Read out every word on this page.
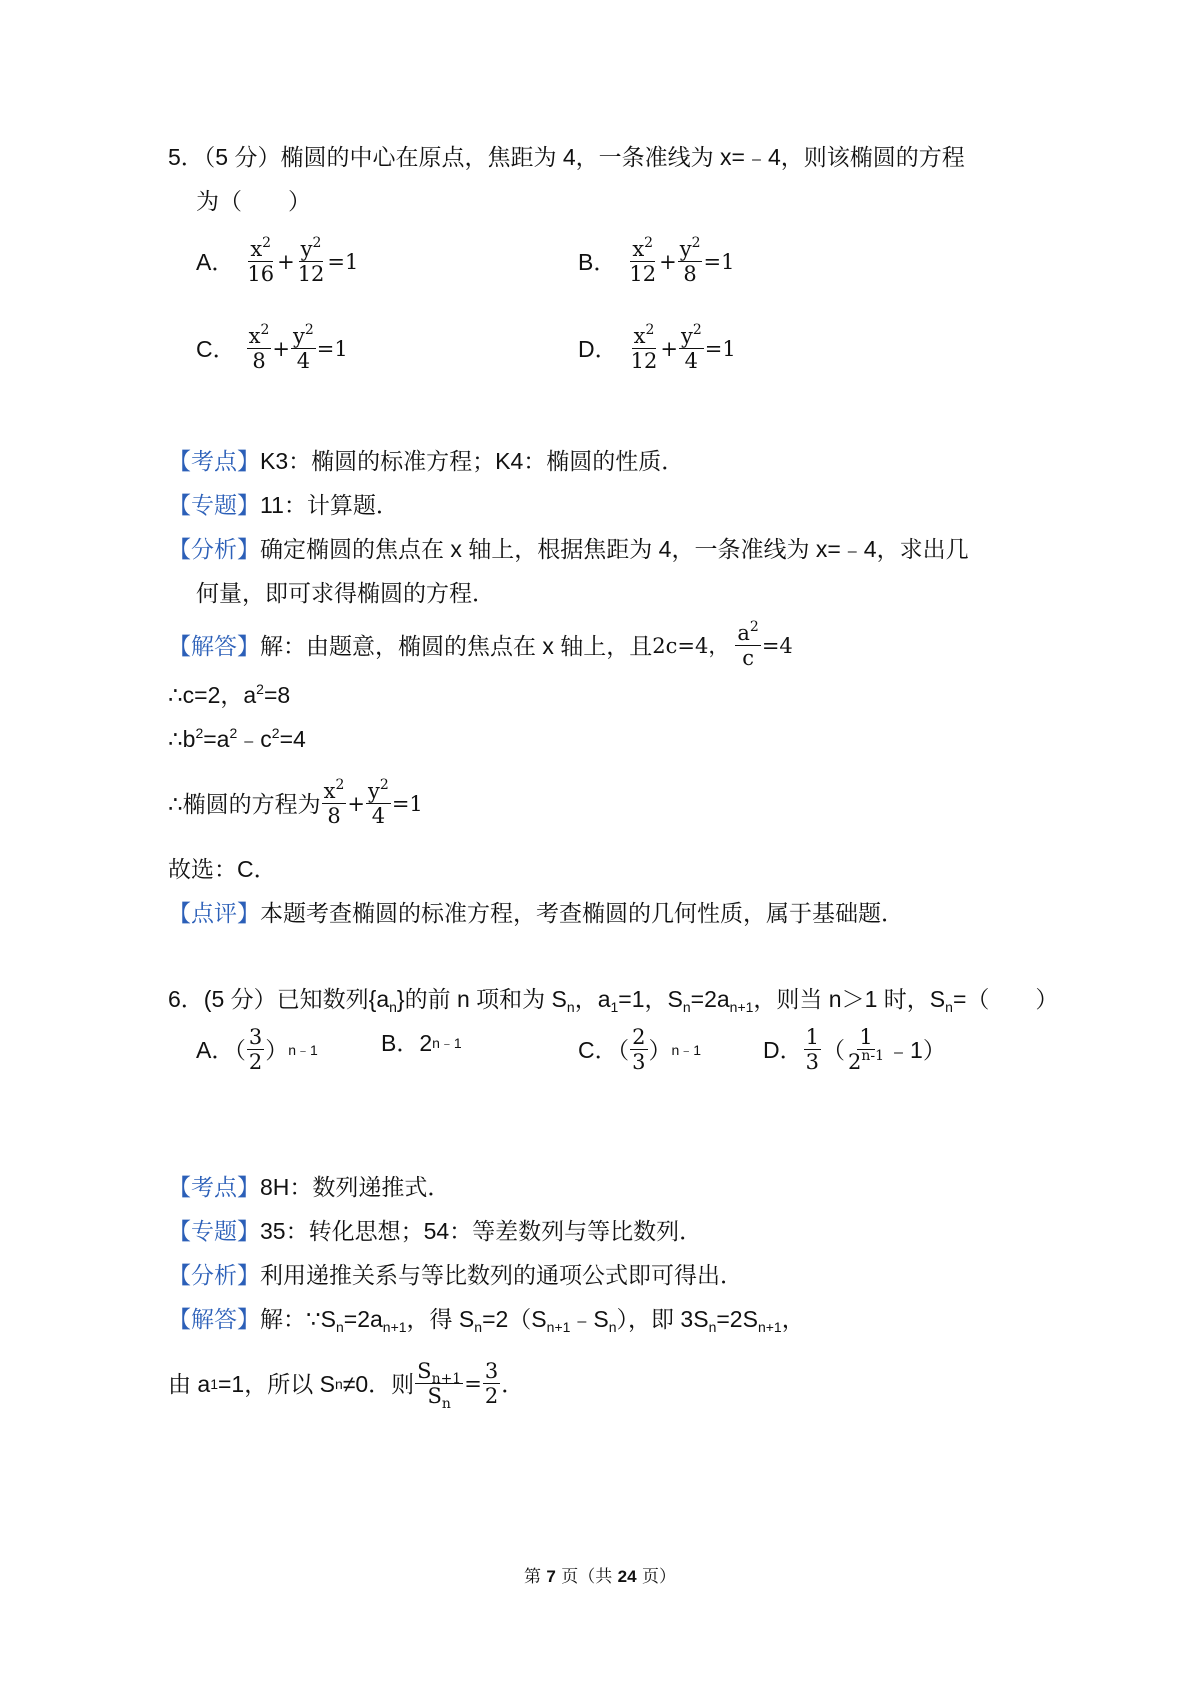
5．（5 分）椭圆的中心在原点，焦距为 4，一条准线为 x=﹣4，则该椭圆的方程
为（　　）
A． $\frac{x^2}{16} + \frac{y^2}{12} =1$	B． $\frac{x^2}{12} + \frac{y^2}{8} =1$
C． $\frac{x^2}{8} + \frac{y^2}{4} =1$	D． $\frac{x^2}{12} + \frac{y^2}{4} =1$
【考点】K3：椭圆的标准方程；K4：椭圆的性质．
【专题】11：计算题．
【分析】确定椭圆的焦点在 x 轴上，根据焦距为 4，一条准线为 x=﹣4，求出几
何量，即可求得椭圆的方程．
【解答】 解：由题意，椭圆的焦点在 x 轴上，且 2c=4， $\frac{a^2}{c} =4$
∴c=2，$a^2=8$
$\therefore b^2=a^2﹣c^2=4$
∴椭圆的方程为 $\frac{x^2}{8} + \frac{y^2}{4} =1$
故选：C．
【点评】本题考查椭圆的标准方程，考查椭圆的几何性质，属于基础题．
6．(5 分）已知数列$\{a_n\}$的前 n 项和为 $S_n$，$a_1=1$，$S_n=2a_{n+1}$，则当 n＞1 时，$S_n=$（　　）
A．（ $\frac{3}{2}$ ） n﹣1	B．2 n﹣1	C．（ $\frac{2}{3}$ ） n﹣1	D． $\frac{1}{3}$ （ $\frac{1}{2^{n-1}}$ ﹣1）
【考点】8H：数列递推式．
【专题】35：转化思想；54：等差数列与等比数列．
【分析】利用递推关系与等比数列的通项公式即可得出．
【解答】解：$\because S_n=2a_{n+1}$，得 $S_n=2(S_{n+1}﹣S_n)$，即 $3S_n=2S_{n+1}$，
由 a 1 =1，所以 S n ≠0．则 $\frac{S_{n+1}}{S_n} = \frac{3}{2}$ ．
第 7 页（共 24 页）
